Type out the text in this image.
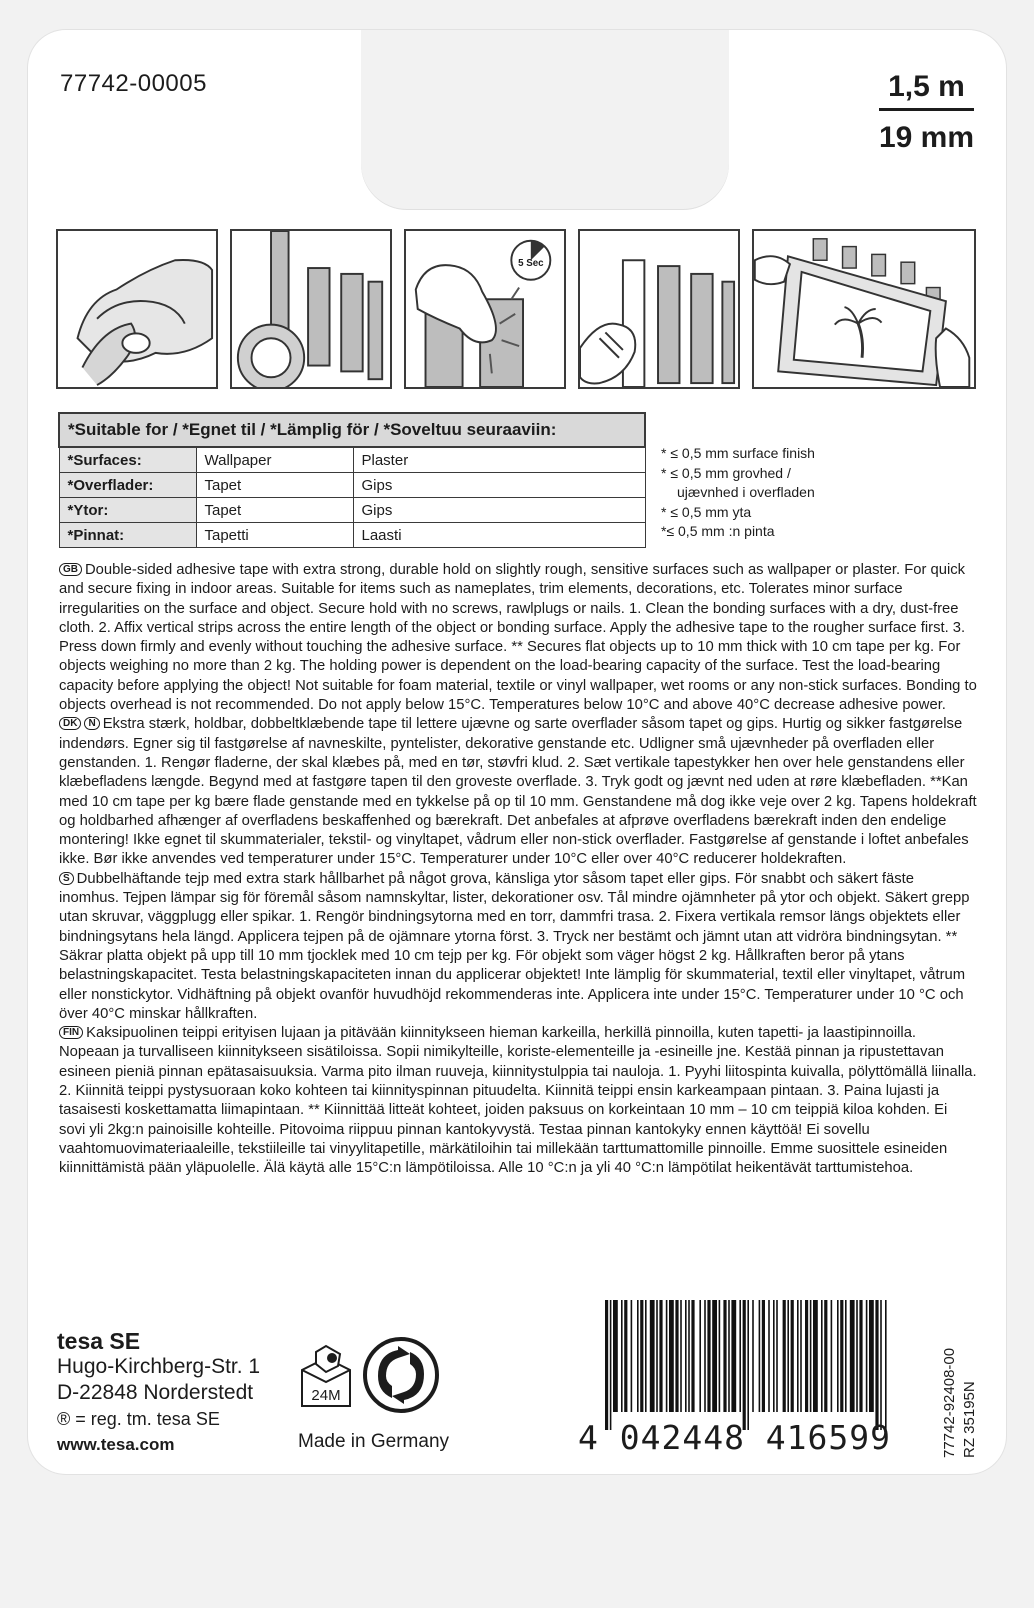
77742-00005	1,5 m
19 mm
5 Sec
*Suitable for / *Egnet til / *Lämplig för / *Soveltuu seuraaviin:		
*Surfaces:	Wallpaper	Plaster
*Overflader:	Tapet	Gips
*Ytor:	Tapet	Gips
*Pinnat:	Tapetti	Laasti
* ≤ 0,5 mm surface finish
* ≤ 0,5 mm grovhed /
ujævnhed i overfladen
* ≤ 0,5 mm yta
*≤ 0,5 mm :n pinta

GB Double-sided adhesive tape with extra strong, durable hold on slightly rough, sensitive surfaces such as wallpaper or plaster. For quick and secure fixing in indoor areas. Suitable for items such as nameplates, trim elements, decorations, etc. Tolerates minor surface irregularities on the surface and object. Secure hold with no screws, rawlplugs or nails. 1. Clean the bonding surfaces with a dry, dust-free cloth. 2. Affix vertical strips across the entire length of the object or bonding surface. Apply the adhesive tape to the rougher surface first. 3. Press down firmly and evenly without touching the adhesive surface. ** Secures flat objects up to 10 mm thick with 10 cm tape per kg. For objects weighing no more than 2 kg. The holding power is dependent on the load-bearing capacity of the surface. Test the load-bearing capacity before applying the object! Not suitable for foam material, textile or vinyl wallpaper, wet rooms or any non-stick surfaces. Bonding to objects overhead is not recommended. Do not apply below 15°C. Temperatures below 10°C and above 40°C decrease adhesive power.

DK N Ekstra stærk, holdbar, dobbeltklæbende tape til lettere ujævne og sarte overflader såsom tapet og gips. Hurtig og sikker fastgørelse indendørs. Egner sig til fastgørelse af navneskilte, pyntelister, dekorative genstande etc. Udligner små ujævnheder på overfladen eller genstanden. 1. Rengør fladerne, der skal klæbes på, med en tør, støvfri klud. 2. Sæt vertikale tapestykker hen over hele genstandens eller klæbefladens længde. Begynd med at fastgøre tapen til den groveste overflade. 3. Tryk godt og jævnt ned uden at røre klæbefladen. **Kan med 10 cm tape per kg bære flade genstande med en tykkelse på op til 10 mm. Genstandene må dog ikke veje over 2 kg. Tapens holdekraft og holdbarhed afhænger af overfladens beskaffenhed og bærekraft. Det anbefales at afprøve overfladens bærekraft inden den endelige montering! Ikke egnet til skummaterialer, tekstil- og vinyltapet, vådrum eller non-stick overflader. Fastgørelse af genstande i loftet anbefales ikke. Bør ikke anvendes ved temperaturer under 15°C. Temperaturer under 10°C eller over 40°C reducerer holdekraften.

S Dubbelhäftande tejp med extra stark hållbarhet på något grova, känsliga ytor såsom tapet eller gips. För snabbt och säkert fäste inomhus. Tejpen lämpar sig för föremål såsom namnskyltar, lister, dekorationer osv. Tål mindre ojämnheter på ytor och objekt. Säkert grepp utan skruvar, väggplugg eller spikar. 1. Rengör bindningsytorna med en torr, dammfri trasa. 2. Fixera vertikala remsor längs objektets eller bindningsytans hela längd. Applicera tejpen på de ojämnare ytorna först. 3. Tryck ner bestämt och jämnt utan att vidröra bindningsytan. ** Säkrar platta objekt på upp till 10 mm tjocklek med 10 cm tejp per kg. För objekt som väger högst 2 kg. Hållkraften beror på ytans belastningskapacitet. Testa belastningskapaciteten innan du applicerar objektet! Inte lämplig för skummaterial, textil eller vinyltapet, våtrum eller nonstickytor. Vidhäftning på objekt ovanför huvudhöjd rekommenderas inte. Applicera inte under 15°C. Temperaturer under 10 °C och över 40°C minskar hållkraften.

FIN Kaksipuolinen teippi erityisen lujaan ja pitävään kiinnitykseen hieman karkeilla, herkillä pinnoilla, kuten tapetti- ja laastipinnoilla. Nopeaan ja turvalliseen kiinnitykseen sisätiloissa. Sopii nimikylteille, koriste-elementeille ja -esineille jne. Kestää pinnan ja ripustettavan esineen pieniä pinnan epätasaisuuksia. Varma pito ilman ruuveja, kiinnitystulppia tai nauloja. 1. Pyyhi liitospinta kuivalla, pölyttömällä liinalla. 2. Kiinnitä teippi pystysuoraan koko kohteen tai kiinnityspinnan pituudelta. Kiinnitä teippi ensin karkeampaan pintaan. 3. Paina lujasti ja tasaisesti koskettamatta liimapintaan. ** Kiinnittää litteät kohteet, joiden paksuus on korkeintaan 10 mm – 10 cm teippiä kiloa kohden. Ei sovi yli 2kg:n painoisille kohteille. Pitovoima riippuu pinnan kantokyvystä. Testaa pinnan kantokyky ennen käyttöä! Ei sovellu vaahtomuovimateriaaleille, tekstiileille tai vinyylitapetille, märkätiloihin tai millekään tarttumattomille pinnoille. Emme suosittele esineiden kiinnittämistä pään yläpuolelle. Älä käytä alle 15°C:n lämpötiloissa. Alle 10 °C:n ja yli 40 °C:n lämpötilat heikentävät tarttumistehoa.

tesa SE
Hugo-Kirchberg-Str. 1
D-22848 Norderstedt
® = reg. tm. tesa SE
www.tesa.com
24M
Made in Germany	4 042448 416599	77742-92408-00 RZ 35195N
